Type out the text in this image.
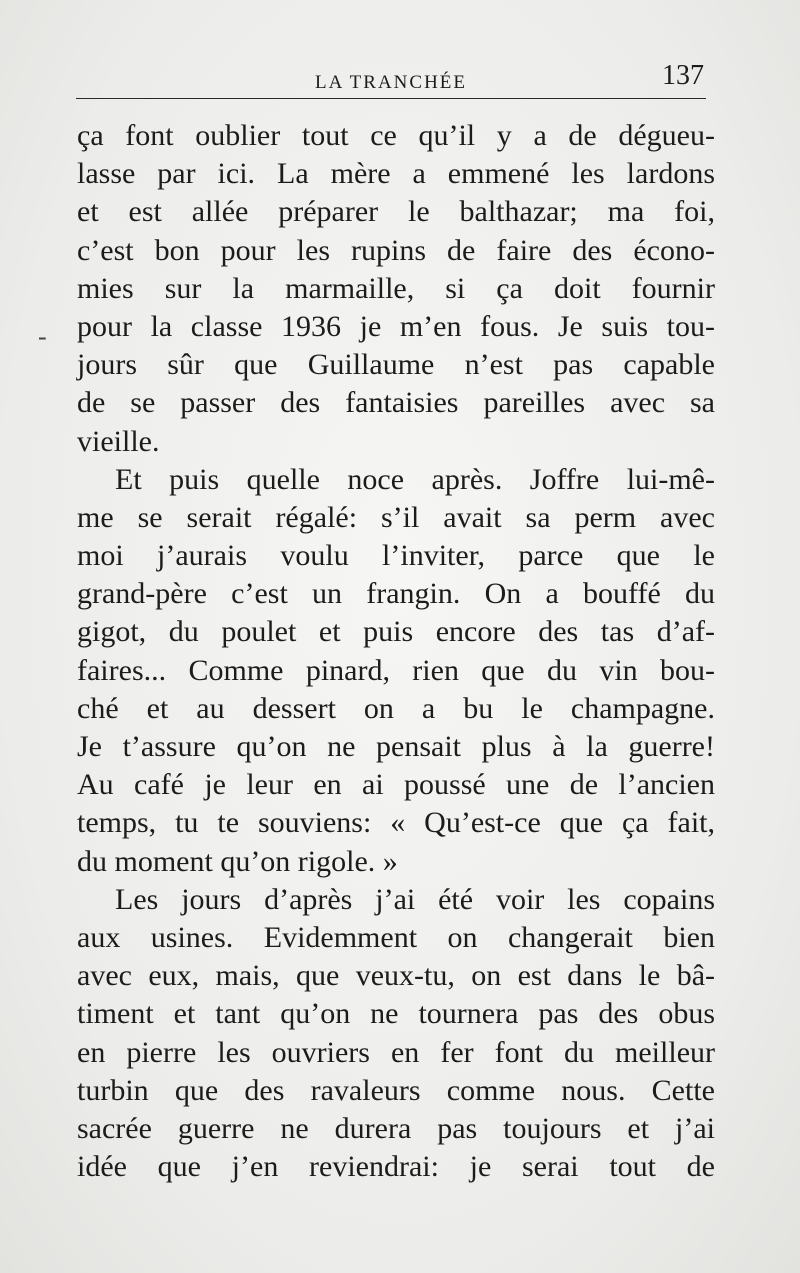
LA TRANCHÉE	137
-
ça font oublier tout ce qu’il y a de dégueu-
lasse par ici. La mère a emmené les lardons
et est allée préparer le balthazar; ma foi,
c’est bon pour les rupins de faire des écono-
mies sur la marmaille, si ça doit fournir
pour la classe 1936 je m’en fous. Je suis tou-
jours sûr que Guillaume n’est pas capable
de se passer des fantaisies pareilles avec sa
vieille.
Et puis quelle noce après. Joffre lui-mê-
me se serait régalé: s’il avait sa perm avec
moi j’aurais voulu l’inviter, parce que le
grand-père c’est un frangin. On a bouffé du
gigot, du poulet et puis encore des tas d’af-
faires... Comme pinard, rien que du vin bou-
ché et au dessert on a bu le champagne.
Je t’assure qu’on ne pensait plus à la guerre!
Au café je leur en ai poussé une de l’ancien
temps, tu te souviens: « Qu’est-ce que ça fait,
du moment qu’on rigole. »
Les jours d’après j’ai été voir les copains
aux usines. Evidemment on changerait bien
avec eux, mais, que veux-tu, on est dans le bâ-
timent et tant qu’on ne tournera pas des obus
en pierre les ouvriers en fer font du meilleur
turbin que des ravaleurs comme nous. Cette
sacrée guerre ne durera pas toujours et j’ai
idée que j’en reviendrai: je serai tout de
